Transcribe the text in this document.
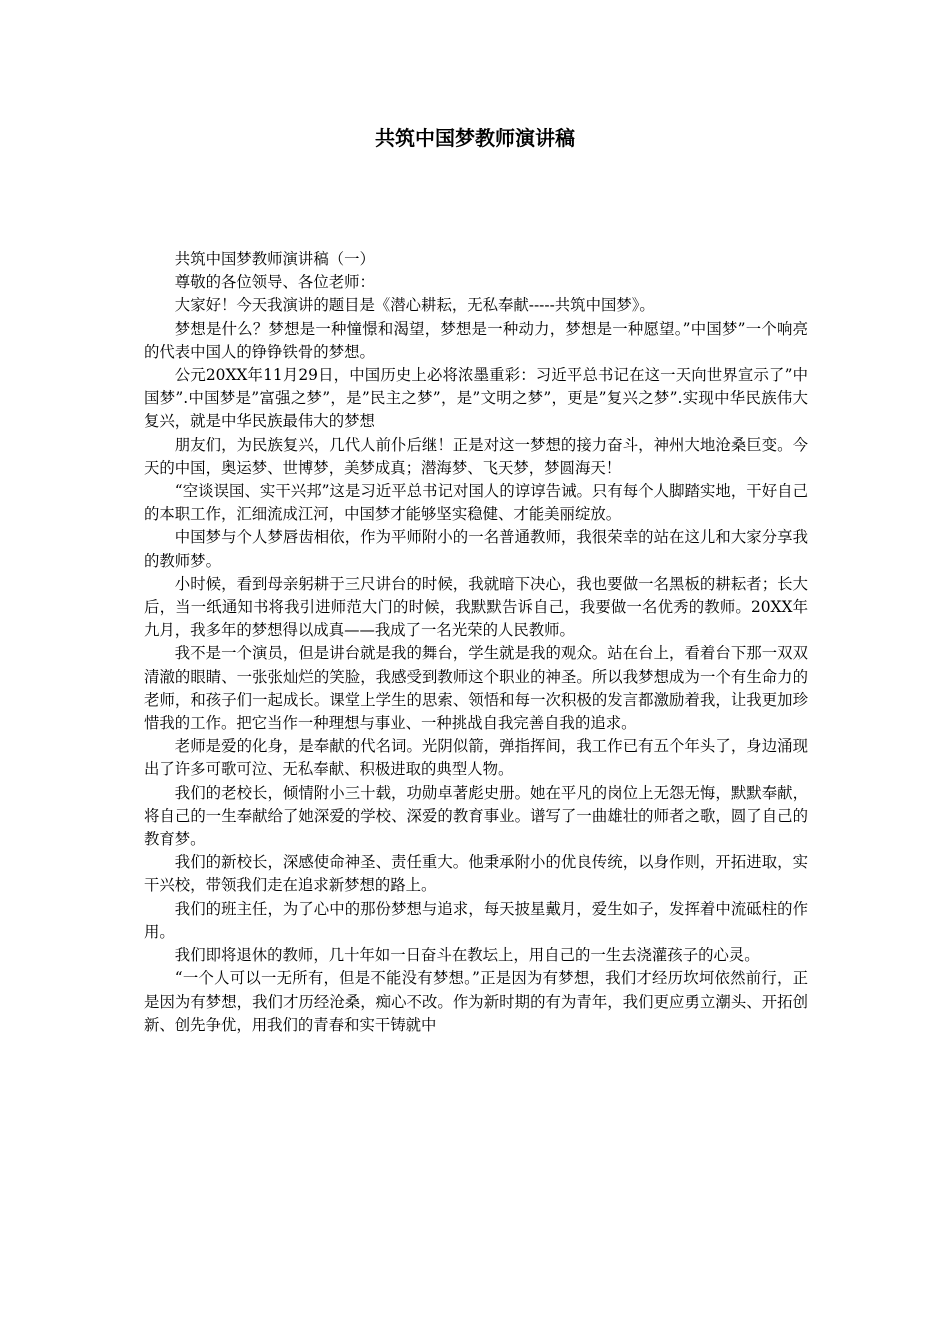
共筑中国梦教师演讲稿

共筑中国梦教师演讲稿（一）

尊敬的各位领导、各位老师：

大家好！今天我演讲的题目是《潜心耕耘，无私奉献-----共筑中国梦》。

梦想是什么？梦想是一种憧憬和渴望，梦想是一种动力，梦想是一种愿望。”中国梦”一个响亮的代表中国人的铮铮铁骨的梦想。

公元20XX年11月29日，中国历史上必将浓墨重彩：习近平总书记在这一天向世界宣示了”中国梦”.中国梦是”富强之梦”，是”民主之梦”，是”文明之梦”，更是”复兴之梦”.实现中华民族伟大复兴，就是中华民族最伟大的梦想

朋友们，为民族复兴，几代人前仆后继！正是对这一梦想的接力奋斗，神州大地沧桑巨变。今天的中国，奥运梦、世博梦，美梦成真；潜海梦、飞天梦，梦圆海天！

“空谈误国、实干兴邦”这是习近平总书记对国人的谆谆告诫。只有每个人脚踏实地，干好自己的本职工作，汇细流成江河，中国梦才能够坚实稳健、才能美丽绽放。

中国梦与个人梦唇齿相依，作为平师附小的一名普通教师，我很荣幸的站在这儿和大家分享我的教师梦。

小时候，看到母亲躬耕于三尺讲台的时候，我就暗下决心，我也要做一名黑板的耕耘者；长大后，当一纸通知书将我引进师范大门的时候，我默默告诉自己，我要做一名优秀的教师。20XX年九月，我多年的梦想得以成真——我成了一名光荣的人民教师。

我不是一个演员，但是讲台就是我的舞台，学生就是我的观众。站在台上，看着台下那一双双清澈的眼睛、一张张灿烂的笑脸，我感受到教师这个职业的神圣。所以我梦想成为一个有生命力的老师，和孩子们一起成长。课堂上学生的思索、领悟和每一次积极的发言都激励着我，让我更加珍惜我的工作。把它当作一种理想与事业、一种挑战自我完善自我的追求。

老师是爱的化身，是奉献的代名词。光阴似箭，弹指挥间，我工作已有五个年头了，身边涌现出了许多可歌可泣、无私奉献、积极进取的典型人物。

我们的老校长，倾情附小三十载，功勋卓著彪史册。她在平凡的岗位上无怨无悔，默默奉献，将自己的一生奉献给了她深爱的学校、深爱的教育事业。谱写了一曲雄壮的师者之歌，圆了自己的教育梦。

我们的新校长，深感使命神圣、责任重大。他秉承附小的优良传统，以身作则，开拓进取，实干兴校，带领我们走在追求新梦想的路上。

我们的班主任，为了心中的那份梦想与追求，每天披星戴月，爱生如子，发挥着中流砥柱的作用。

我们即将退休的教师，几十年如一日奋斗在教坛上，用自己的一生去浇灌孩子的心灵。

“一个人可以一无所有，但是不能没有梦想。”正是因为有梦想，我们才经历坎坷依然前行，正是因为有梦想，我们才历经沧桑，痴心不改。作为新时期的有为青年，我们更应勇立潮头、开拓创新、创先争优，用我们的青春和实干铸就中
